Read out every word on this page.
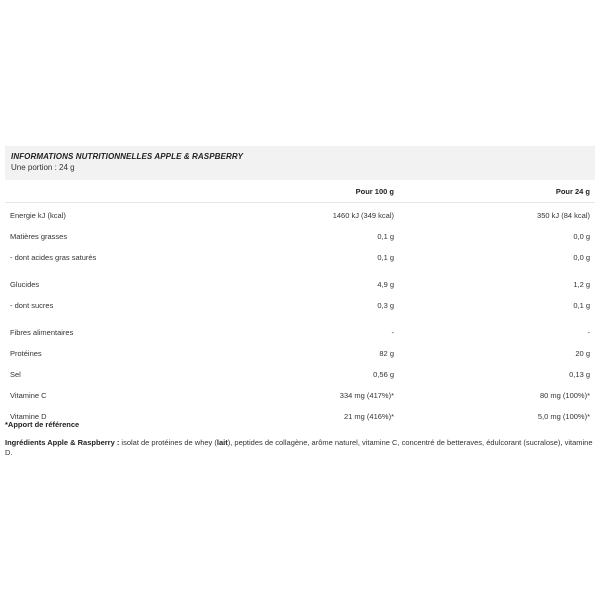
INFORMATIONS NUTRITIONNELLES APPLE & RASPBERRY
Une portion : 24 g
	Pour 100 g	Pour 24 g
Energie kJ (kcal)	1460 kJ (349 kcal)	350 kJ (84 kcal)
Matières grasses	0,1 g	0,0 g
- dont acides gras saturés	0,1 g	0,0 g

Glucides	4,9 g	1,2 g
- dont sucres	0,3 g	0,1 g

Fibres alimentaires	-	-
Protéines	82 g	20 g
Sel	0,56 g	0,13 g
Vitamine C	334 mg (417%)*	80 mg (100%)*
Vitamine D	21 mg (416%)*	5,0 mg (100%)*
*Apport de référence
Ingrédients Apple & Raspberry : isolat de protéines de whey (lait), peptides de collagène, arôme naturel, vitamine C, concentré de betteraves, édulcorant (sucralose), vitamine D.
